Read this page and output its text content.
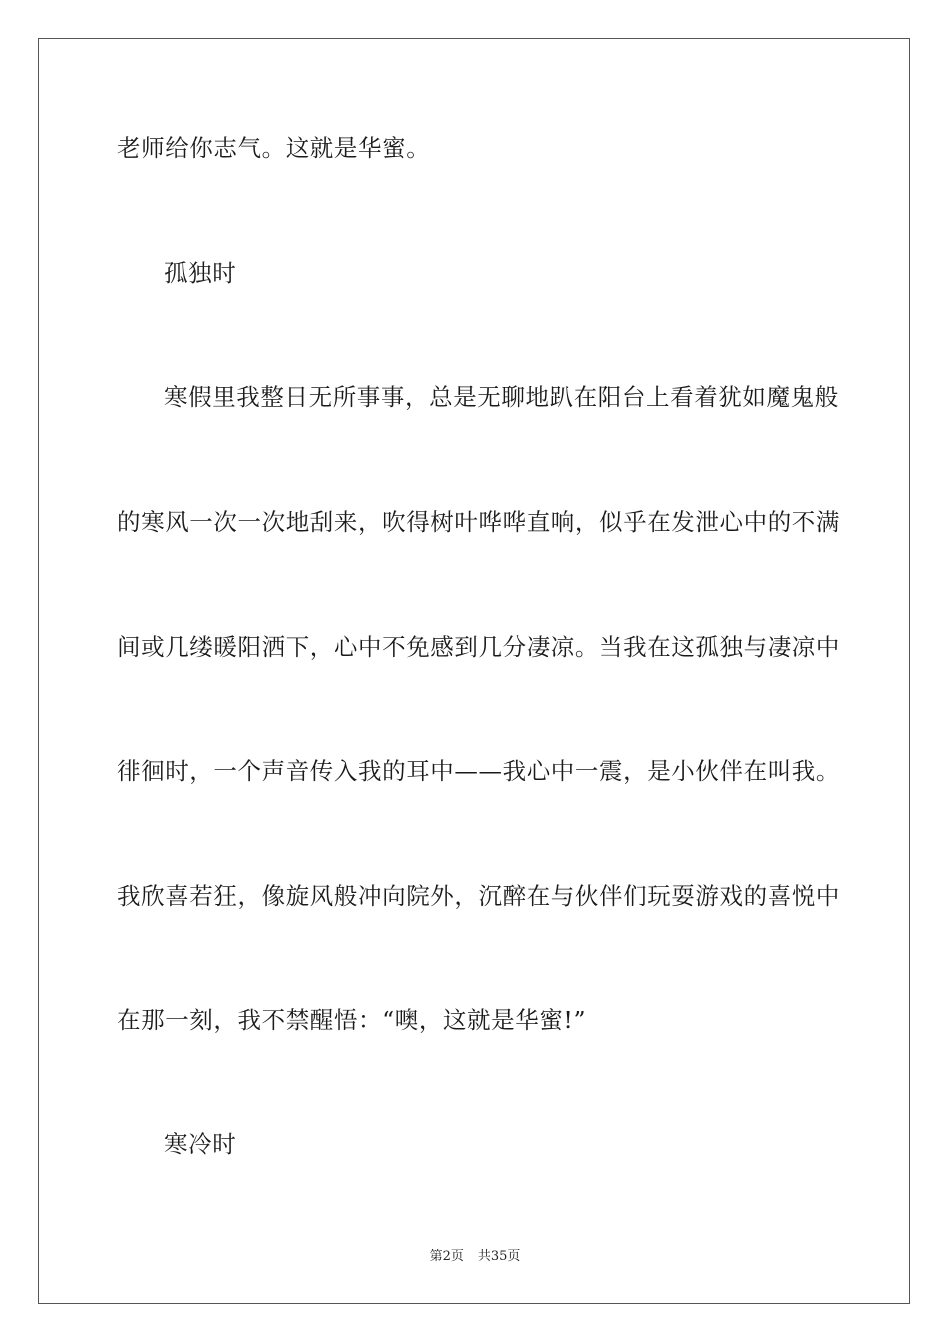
老师给你志气。这就是华蜜。

孤独时

寒假里我整日无所事事，总是无聊地趴在阳台上看着犹如魔鬼般

的寒风一次一次地刮来，吹得树叶哗哗直响，似乎在发泄心中的不满

间或几缕暖阳洒下，心中不免感到几分凄凉。当我在这孤独与凄凉中

徘徊时，一个声音传入我的耳中——我心中一震，是小伙伴在叫我。

我欣喜若狂，像旋风般冲向院外，沉醉在与伙伴们玩耍游戏的喜悦中

在那一刻，我不禁醒悟：“噢，这就是华蜜!”

寒冷时

第2页 共35页
